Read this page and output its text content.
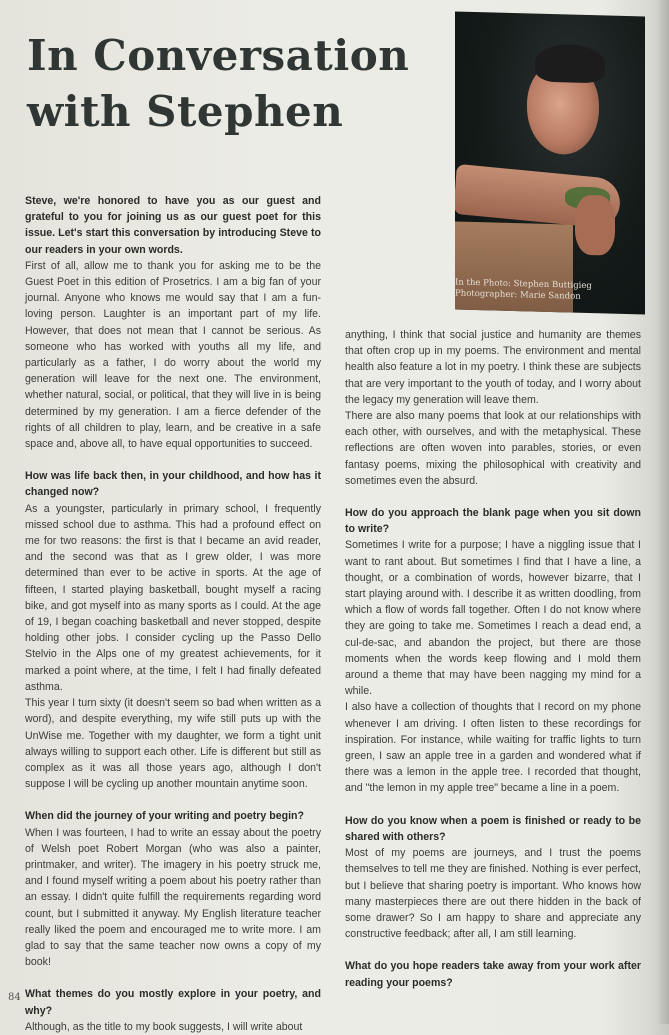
In Conversation
with Stephen
In the Photo: Stephen Buttigieg
Photographer: Marie Sandon

Steve, we're honored to have you as our guest and grateful to you for joining us as our guest poet for this issue. Let's start this conversation by introducing Steve to our readers in your own words.

First of all, allow me to thank you for asking me to be the Guest Poet in this edition of Prosetrics. I am a big fan of your journal. Anyone who knows me would say that I am a fun-loving person. Laughter is an important part of my life. However, that does not mean that I cannot be serious. As someone who has worked with youths all my life, and particularly as a father, I do worry about the world my generation will leave for the next one. The environment, whether natural, social, or political, that they will live in is being determined by my generation. I am a fierce defender of the rights of all children to play, learn, and be creative in a safe space and, above all, to have equal opportunities to succeed.

How was life back then, in your childhood, and how has it changed now?

As a youngster, particularly in primary school, I frequently missed school due to asthma. This had a profound effect on me for two reasons: the first is that I became an avid reader, and the second was that as I grew older, I was more determined than ever to be active in sports. At the age of fifteen, I started playing basketball, bought myself a racing bike, and got myself into as many sports as I could. At the age of 19, I began coaching basketball and never stopped, despite holding other jobs. I consider cycling up the Passo Dello Stelvio in the Alps one of my greatest achievements, for it marked a point where, at the time, I felt I had finally defeated asthma.

This year I turn sixty (it doesn't seem so bad when written as a word), and despite everything, my wife still puts up with the UnWise me. Together with my daughter, we form a tight unit always willing to support each other. Life is different but still as complex as it was all those years ago, although I don't suppose I will be cycling up another mountain anytime soon.

When did the journey of your writing and poetry begin?

When I was fourteen, I had to write an essay about the poetry of Welsh poet Robert Morgan (who was also a painter, printmaker, and writer). The imagery in his poetry struck me, and I found myself writing a poem about his poetry rather than an essay. I didn't quite fulfill the requirements regarding word count, but I submitted it anyway. My English literature teacher really liked the poem and encouraged me to write more. I am glad to say that the same teacher now owns a copy of my book!

What themes do you mostly explore in your poetry, and why?

Although, as the title to my book suggests, I will write about

anything, I think that social justice and humanity are themes that often crop up in my poems. The environment and mental health also feature a lot in my poetry. I think these are subjects that are very important to the youth of today, and I worry about the legacy my generation will leave them.

There are also many poems that look at our relationships with each other, with ourselves, and with the metaphysical. These reflections are often woven into parables, stories, or even fantasy poems, mixing the philosophical with creativity and sometimes even the absurd.

How do you approach the blank page when you sit down to write?

Sometimes I write for a purpose; I have a niggling issue that I want to rant about. But sometimes I find that I have a line, a thought, or a combination of words, however bizarre, that I start playing around with. I describe it as written doodling, from which a flow of words fall together. Often I do not know where they are going to take me. Sometimes I reach a dead end, a cul-de-sac, and abandon the project, but there are those moments when the words keep flowing and I mold them around a theme that may have been nagging my mind for a while.

I also have a collection of thoughts that I record on my phone whenever I am driving. I often listen to these recordings for inspiration. For instance, while waiting for traffic lights to turn green, I saw an apple tree in a garden and wondered what if there was a lemon in the apple tree. I recorded that thought, and "the lemon in my apple tree" became a line in a poem.

How do you know when a poem is finished or ready to be shared with others?

Most of my poems are journeys, and I trust the poems themselves to tell me they are finished. Nothing is ever perfect, but I believe that sharing poetry is important. Who knows how many masterpieces there are out there hidden in the back of some drawer? So I am happy to share and appreciate any constructive feedback; after all, I am still learning.

What do you hope readers take away from your work after reading your poems?

84
